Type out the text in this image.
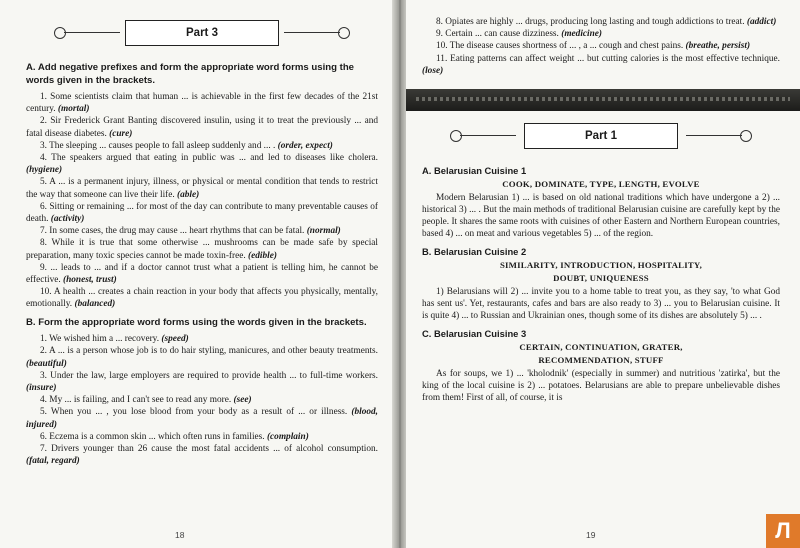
Part 3
A. Add negative prefixes and form the appropriate word forms using the words given in the brackets.

1. Some scientists claim that human ... is achievable in the first few decades of the 21st century. (mortal)

2. Sir Frederick Grant Banting discovered insulin, using it to treat the previously ... and fatal disease diabetes. (cure)

3. The sleeping ... causes people to fall asleep suddenly and ... . (order, expect)

4. The speakers argued that eating in public was ... and led to diseases like cholera. (hygiene)

5. A ... is a permanent injury, illness, or physical or mental condition that tends to restrict the way that someone can live their life. (able)

6. Sitting or remaining ... for most of the day can contribute to many preventable causes of death. (activity)

7. In some cases, the drug may cause ... heart rhythms that can be fatal. (normal)

8. While it is true that some otherwise ... mushrooms can be made safe by special preparation, many toxic species cannot be made toxin-free. (edible)

9. ... leads to ... and if a doctor cannot trust what a patient is telling him, he cannot be effective. (honest, trust)

10. A health ... creates a chain reaction in your body that affects you physically, mentally, emotionally. (balanced)

B. Form the appropriate word forms using the words given in the brackets.

1. We wished him a ... recovery. (speed)

2. A ... is a person whose job is to do hair styling, manicures, and other beauty treatments. (beautiful)

3. Under the law, large employers are required to provide health ... to full-time workers. (insure)

4. My ... is failing, and I can't see to read any more. (see)

5. When you ... , you lose blood from your body as a result of ... or illness. (blood, injured)

6. Eczema is a common skin ... which often runs in families. (complain)

7. Drivers younger than 26 cause the most fatal accidents ... of alcohol consumption. (fatal, regard)

18

8. Opiates are highly ... drugs, producing long lasting and tough addictions to treat. (addict)

9. Certain ... can cause dizziness. (medicine)

10. The disease causes shortness of ... , a ... cough and chest pains. (breathe, persist)

11. Eating patterns can affect weight ... but cutting calories is the most effective technique. (lose)

Part 1
A. Belarusian Cuisine 1
COOK, DOMINATE, TYPE, LENGTH, EVOLVE

Modern Belarusian 1) ... is based on old national traditions which have undergone a 2) ... historical 3) ... . But the main methods of traditional Belarusian cuisine are carefully kept by the people. It shares the same roots with cuisines of other Eastern and Northern European countries, based 4) ... on meat and various vegetables 5) ... of the region.

B. Belarusian Cuisine 2
SIMILARITY, INTRODUCTION, HOSPITALITY,
DOUBT, UNIQUENESS

1) Belarusians will 2) ... invite you to a home table to treat you, as they say, 'to what God has sent us'. Yet, restaurants, cafes and bars are also ready to 3) ... you to Belarusian cuisine. It is quite 4) ... to Russian and Ukrainian ones, though some of its dishes are absolutely 5) ... .

C. Belarusian Cuisine 3
CERTAIN, CONTINUATION, GRATER,
RECOMMENDATION, STUFF

As for soups, we 1) ... 'kholodnik' (especially in summer) and nutritious 'zatirka', but the king of the local cuisine is 2) ... potatoes. Belarusians are able to prepare unbelievable dishes from them! First of all, of course, it is

19	Л
